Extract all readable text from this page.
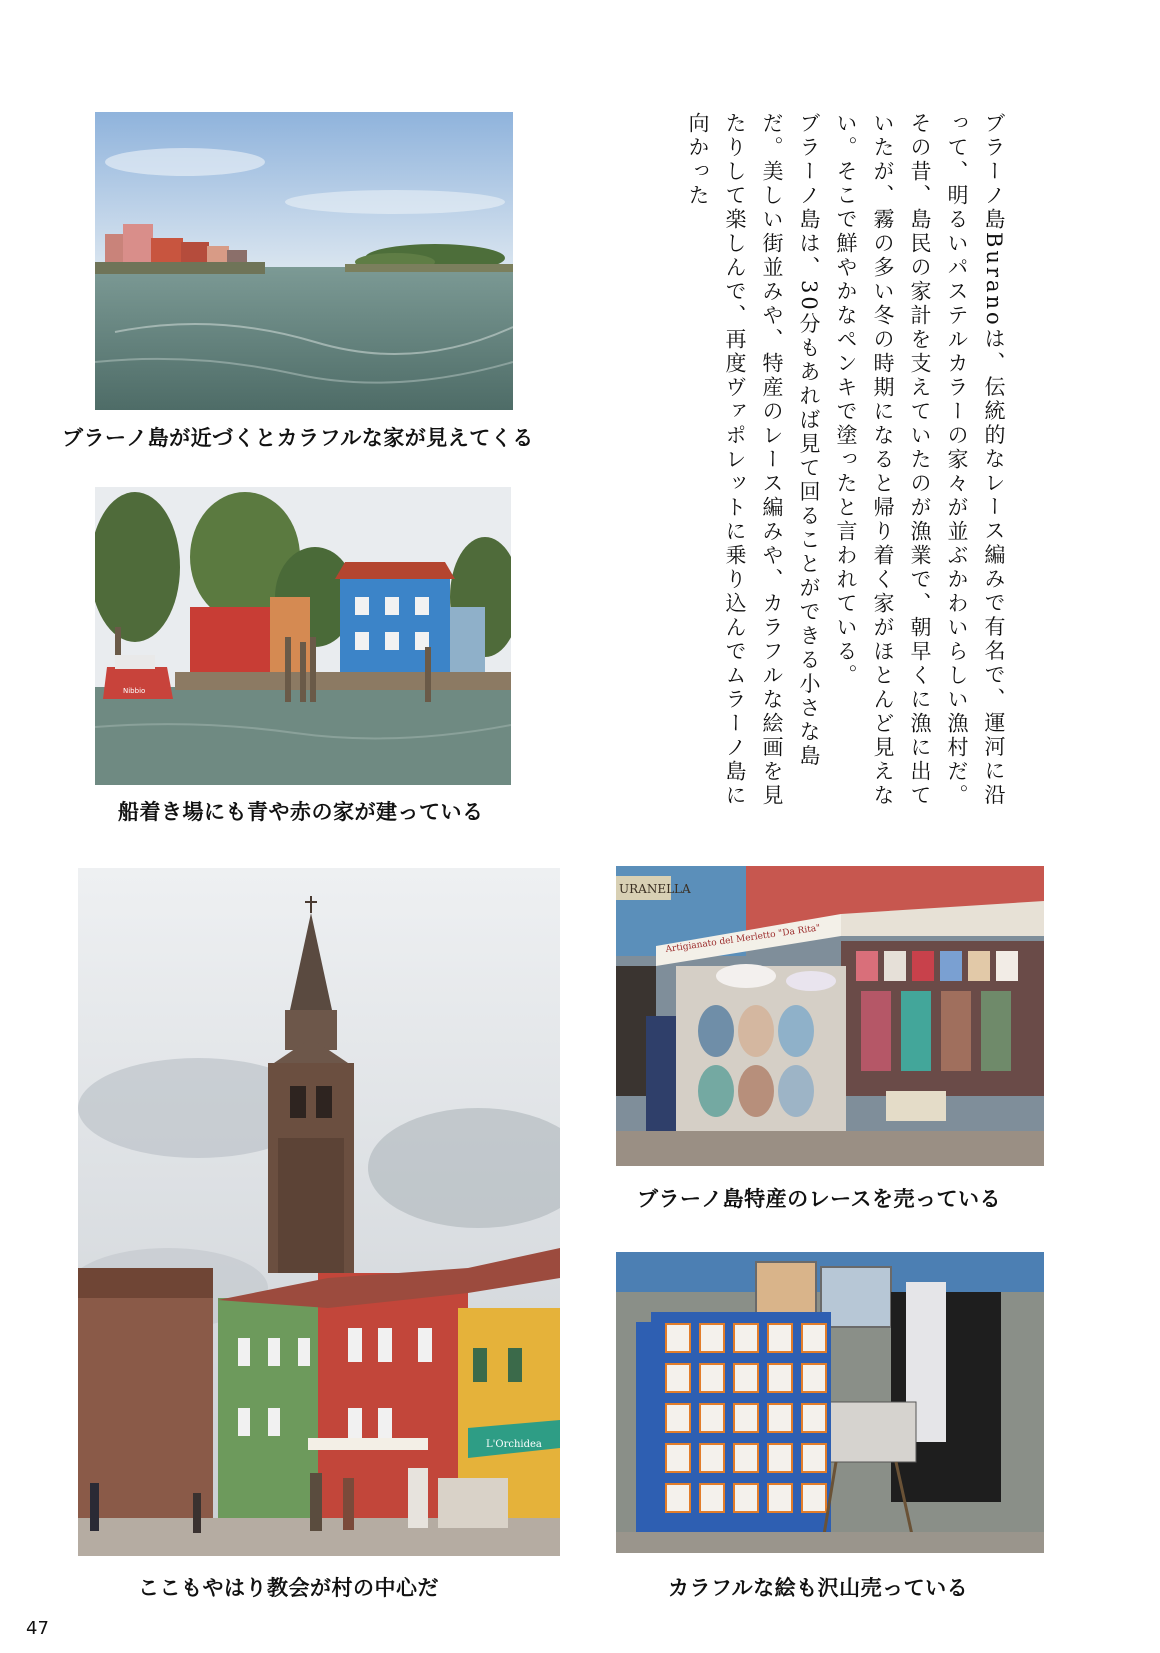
ブラーノ島Buranoは、伝統的なレース編みで有名で、運河に沿って、明るいパステルカラーの家々が並ぶかわいらしい漁村だ。

その昔、島民の家計を支えていたのが漁業で、朝早くに漁に出ていたが、霧の多い冬の時期になると帰り着く家がほとんど見えない。そこで鮮やかなペンキで塗ったと言われている。

ブラーノ島は、30分もあれば見て回ることができる小さな島だ。美しい街並みや、特産のレース編みや、カラフルな絵画を見たりして楽しんで、再度ヴァポレットに乗り込んでムラーノ島に向かった

ブラーノ島が近づくとカラフルな家が見えてくる
Nibbio
船着き場にも青や赤の家が建っている
L'Orchidea
ここもやはり教会が村の中心だ
URANELLA
Artigianato del Merletto "Da Rita"
ブラーノ島特産のレースを売っている
カラフルな絵も沢山売っている
47
